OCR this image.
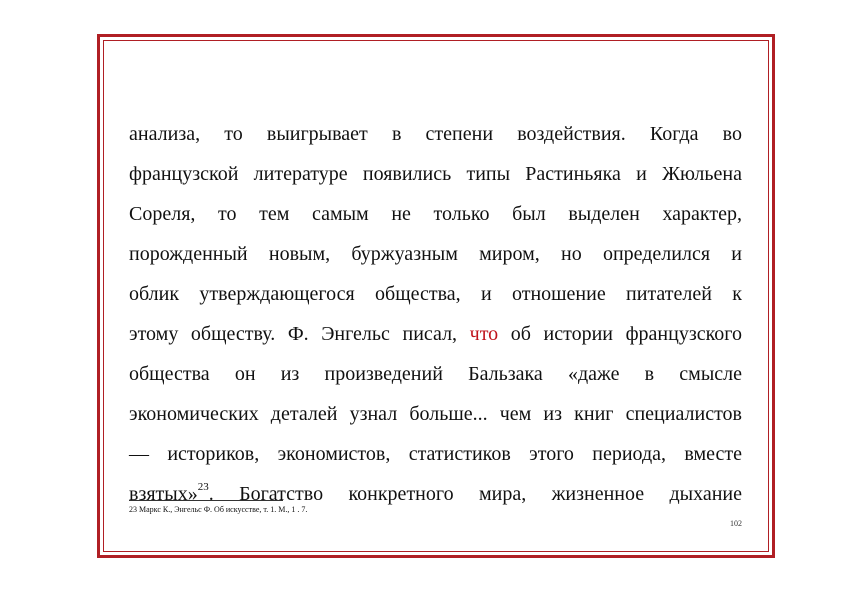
анализа, то выигрывает в степени воздействия. Когда во
французской литературе появились типы Растиньяка и Жюльена
Сореля, то тем самым не только был выделен характер,
порожденный новым, буржуазным миром, но определился и
облик утверждающегося общества, и отношение питателей к
этому обществу. Ф. Энгельс писал, что об истории французского
общества он из произведений Бальзака «даже в смысле
экономических деталей узнал больше... чем из книг специалистов
— историков, экономистов, статистиков этого периода, вместе
взятых»$^{23}$. Богатство конкретного мира, жизненное дыхание
23 Маркс К., Энгельс Ф. Об искусстве, т. 1. М., 1 . 7.
102
